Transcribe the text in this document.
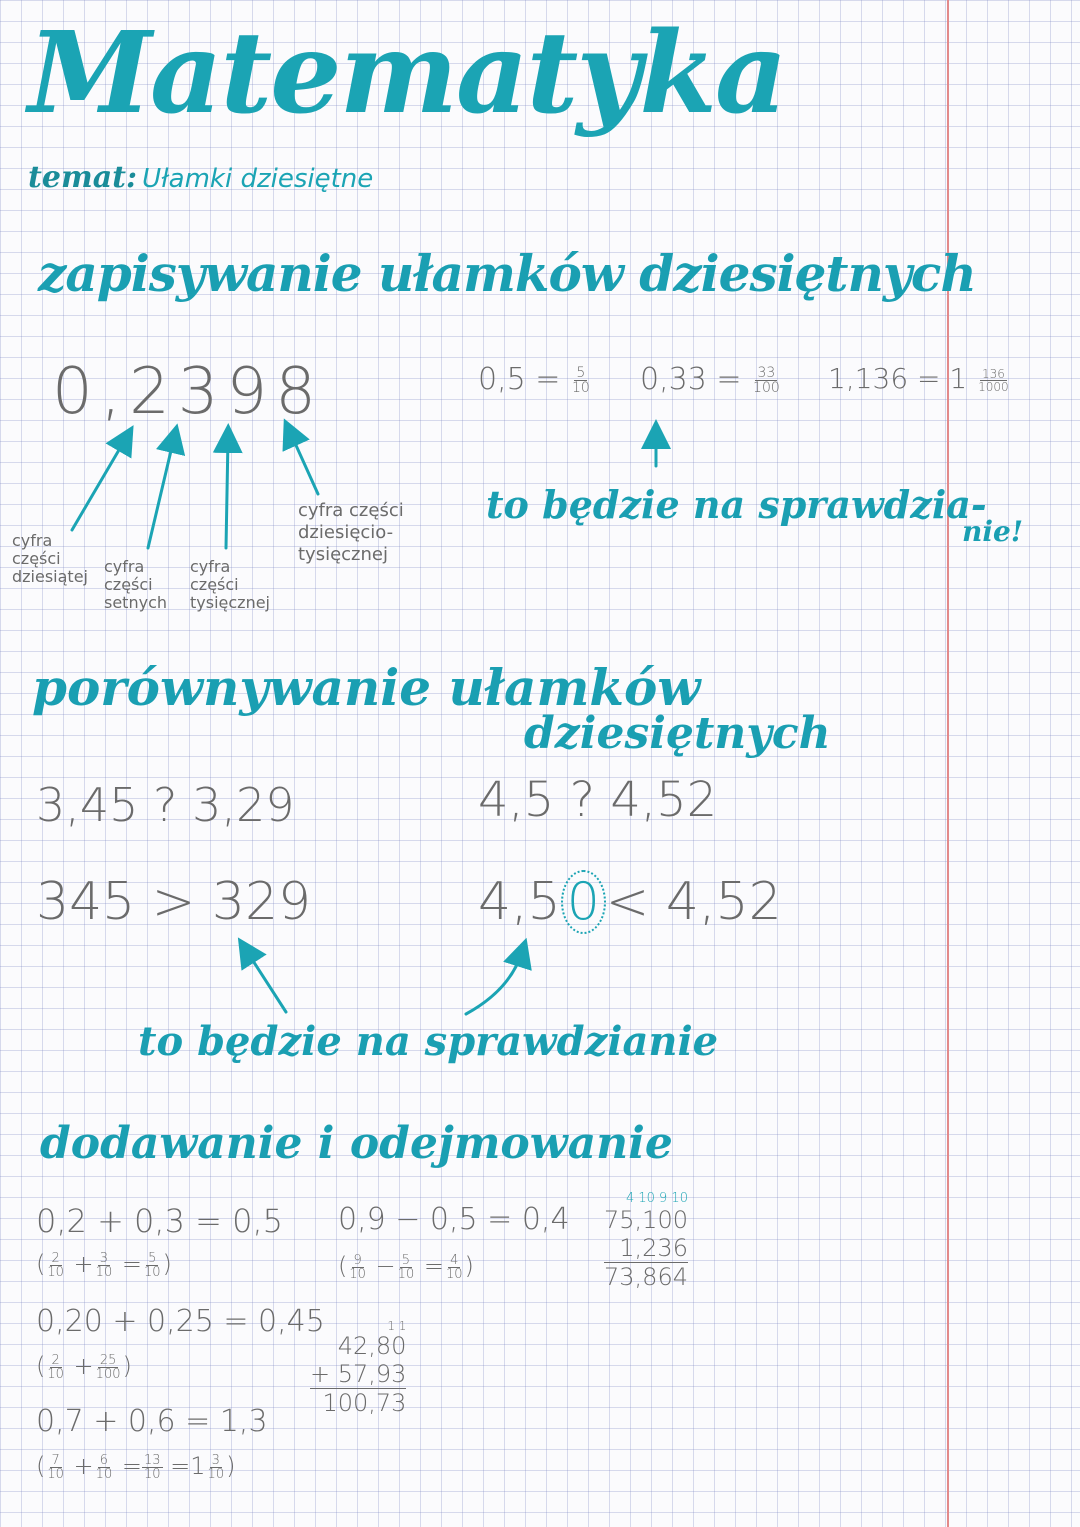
Matematyka
temat: Ułamki dziesiętne
zapisywanie ułamków dziesiętnych
0,2398
cyfra
części
dziesiątej
cyfra
części
setnych
cyfra
części
tysięcznej
cyfra części
dziesięcio-
tysięcznej
$0,5 = \frac{5}{10} 0,33 = \frac{33}{100} 1,136 = 1 \frac{136}{1000}$
to będzie na sprawdzia-
nie!
porównywanie ułamków
dziesiętnych
3,45 ? 3,29	4,5 ? 4,52
345 > 329	4,5 0 < 4,52
to będzie na sprawdzianie
dodawanie i odejmowanie
0,2 + 0,3 = 0,5
( $\frac{2}{10} + \frac{3}{10} = \frac{5}{10}$ )
0,9 − 0,5 = 0,4
( $\frac{9}{10} - \frac{5}{10} = \frac{4}{10}$ )
4 10 9 10
75,100
1,236
73,864
0,20 + 0,25 = 0,45
( $\frac{2}{10} + \frac{25}{100}$ )
1 1
42,80
+ 57,93
100,73
0,7 + 0,6 = 1,3
( $\frac{7}{10} + \frac{6}{10} = \frac{13}{10} =1 \frac{3}{10}$ )
